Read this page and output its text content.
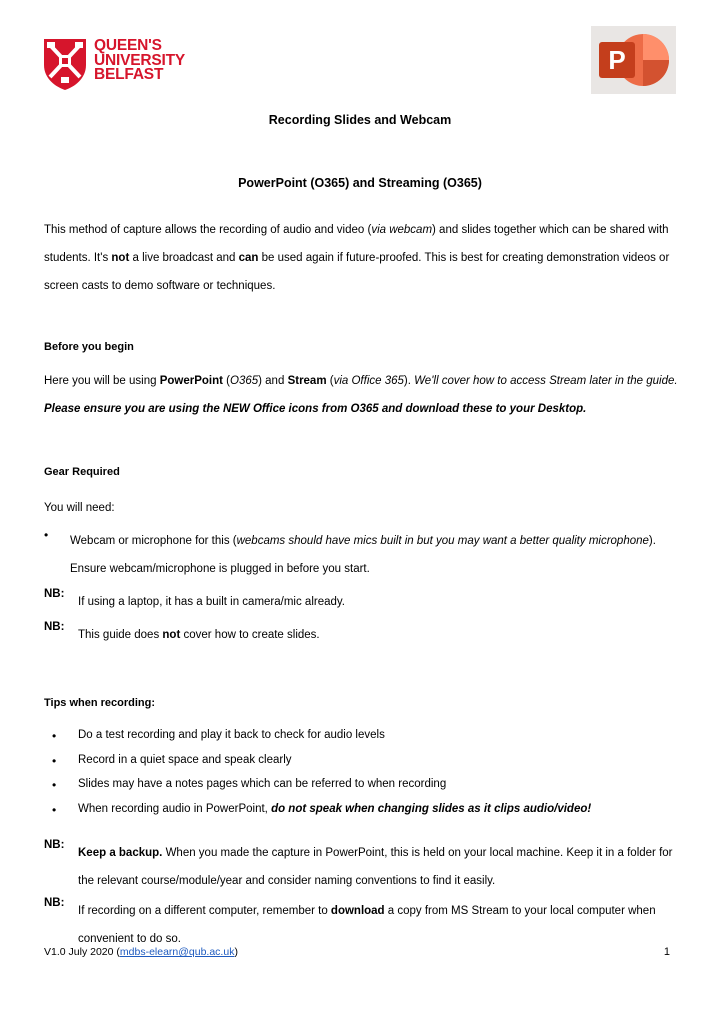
QUEEN'S
UNIVERSITY
BELFAST	P
Recording Slides and Webcam
PowerPoint (O365) and Streaming (O365)
This method of capture allows the recording of audio and video (via webcam) and slides together which can be shared with students. It's not a live broadcast and can be used again if future-proofed. This is best for creating demonstration videos or screen casts to demo software or techniques.
Before you begin
Here you will be using PowerPoint (O365) and Stream (via Office 365). We'll cover how to access Stream later in the guide. Please ensure you are using the NEW Office icons from O365 and download these to your Desktop.
Gear Required
You will need:
• Webcam or microphone for this (webcams should have mics built in but you may want a better quality microphone). Ensure webcam/microphone is plugged in before you start.
NB:
If using a laptop, it has a built in camera/mic already.
NB:
This guide does not cover how to create slides.
Tips when recording:
• Do a test recording and play it back to check for audio levels
• Record in a quiet space and speak clearly
• Slides may have a notes pages which can be referred to when recording
• When recording audio in PowerPoint, do not speak when changing slides as it clips audio/video!
NB:
Keep a backup. When you made the capture in PowerPoint, this is held on your local machine. Keep it in a folder for the relevant course/module/year and consider naming conventions to find it easily.
NB:
If recording on a different computer, remember to download a copy from MS Stream to your local computer when convenient to do so.
V1.0 July 2020 (mdbs-elearn@qub.ac.uk)	1
